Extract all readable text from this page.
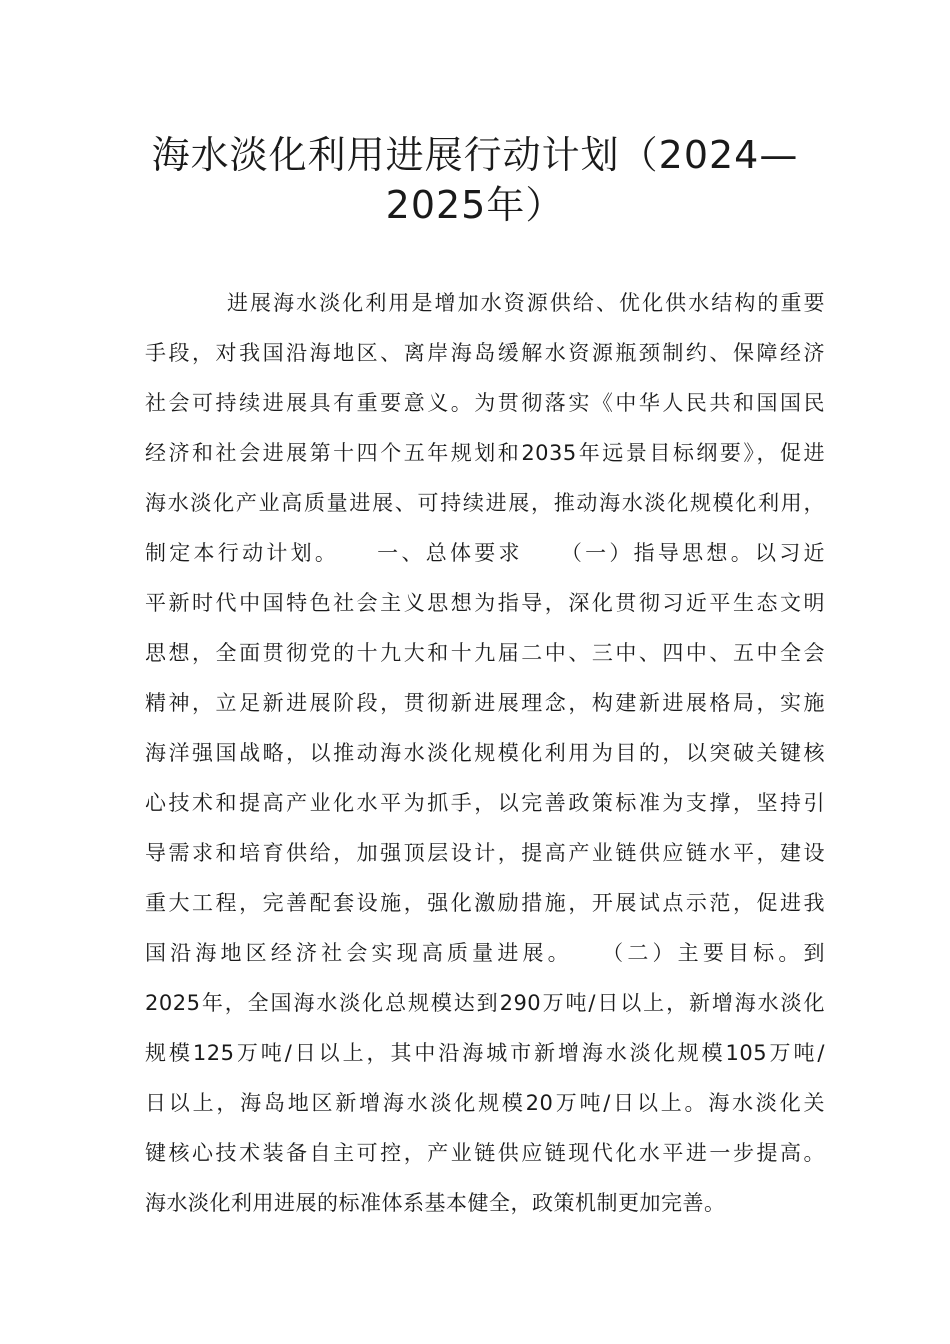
海水淡化利用进展行动计划（2024—
2025年）
进展海水淡化利用是增加水资源供给、优化供水结构的重要
手段，对我国沿海地区、离岸海岛缓解水资源瓶颈制约、保障经济
社会可持续进展具有重要意义。为贯彻落实《中华人民共和国国民
经济和社会进展第十四个五年规划和2035年远景目标纲要》，促进
海水淡化产业高质量进展、可持续进展，推动海水淡化规模化利用，
制定本行动计划。　　一、总体要求　　（一）指导思想。以习近
平新时代中国特色社会主义思想为指导，深化贯彻习近平生态文明
思想，全面贯彻党的十九大和十九届二中、三中、四中、五中全会
精神，立足新进展阶段，贯彻新进展理念，构建新进展格局，实施
海洋强国战略，以推动海水淡化规模化利用为目的，以突破关键核
心技术和提高产业化水平为抓手，以完善政策标准为支撑，坚持引
导需求和培育供给，加强顶层设计，提高产业链供应链水平，建设
重大工程，完善配套设施，强化激励措施，开展试点示范，促进我
国沿海地区经济社会实现高质量进展。　　（二）主要目标。到
2025年，全国海水淡化总规模达到290万吨/日以上，新增海水淡化
规模125万吨/日以上，其中沿海城市新增海水淡化规模105万吨/
日以上，海岛地区新增海水淡化规模20万吨/日以上。海水淡化关
键核心技术装备自主可控，产业链供应链现代化水平进一步提高。
海水淡化利用进展的标准体系基本健全，政策机制更加完善。
